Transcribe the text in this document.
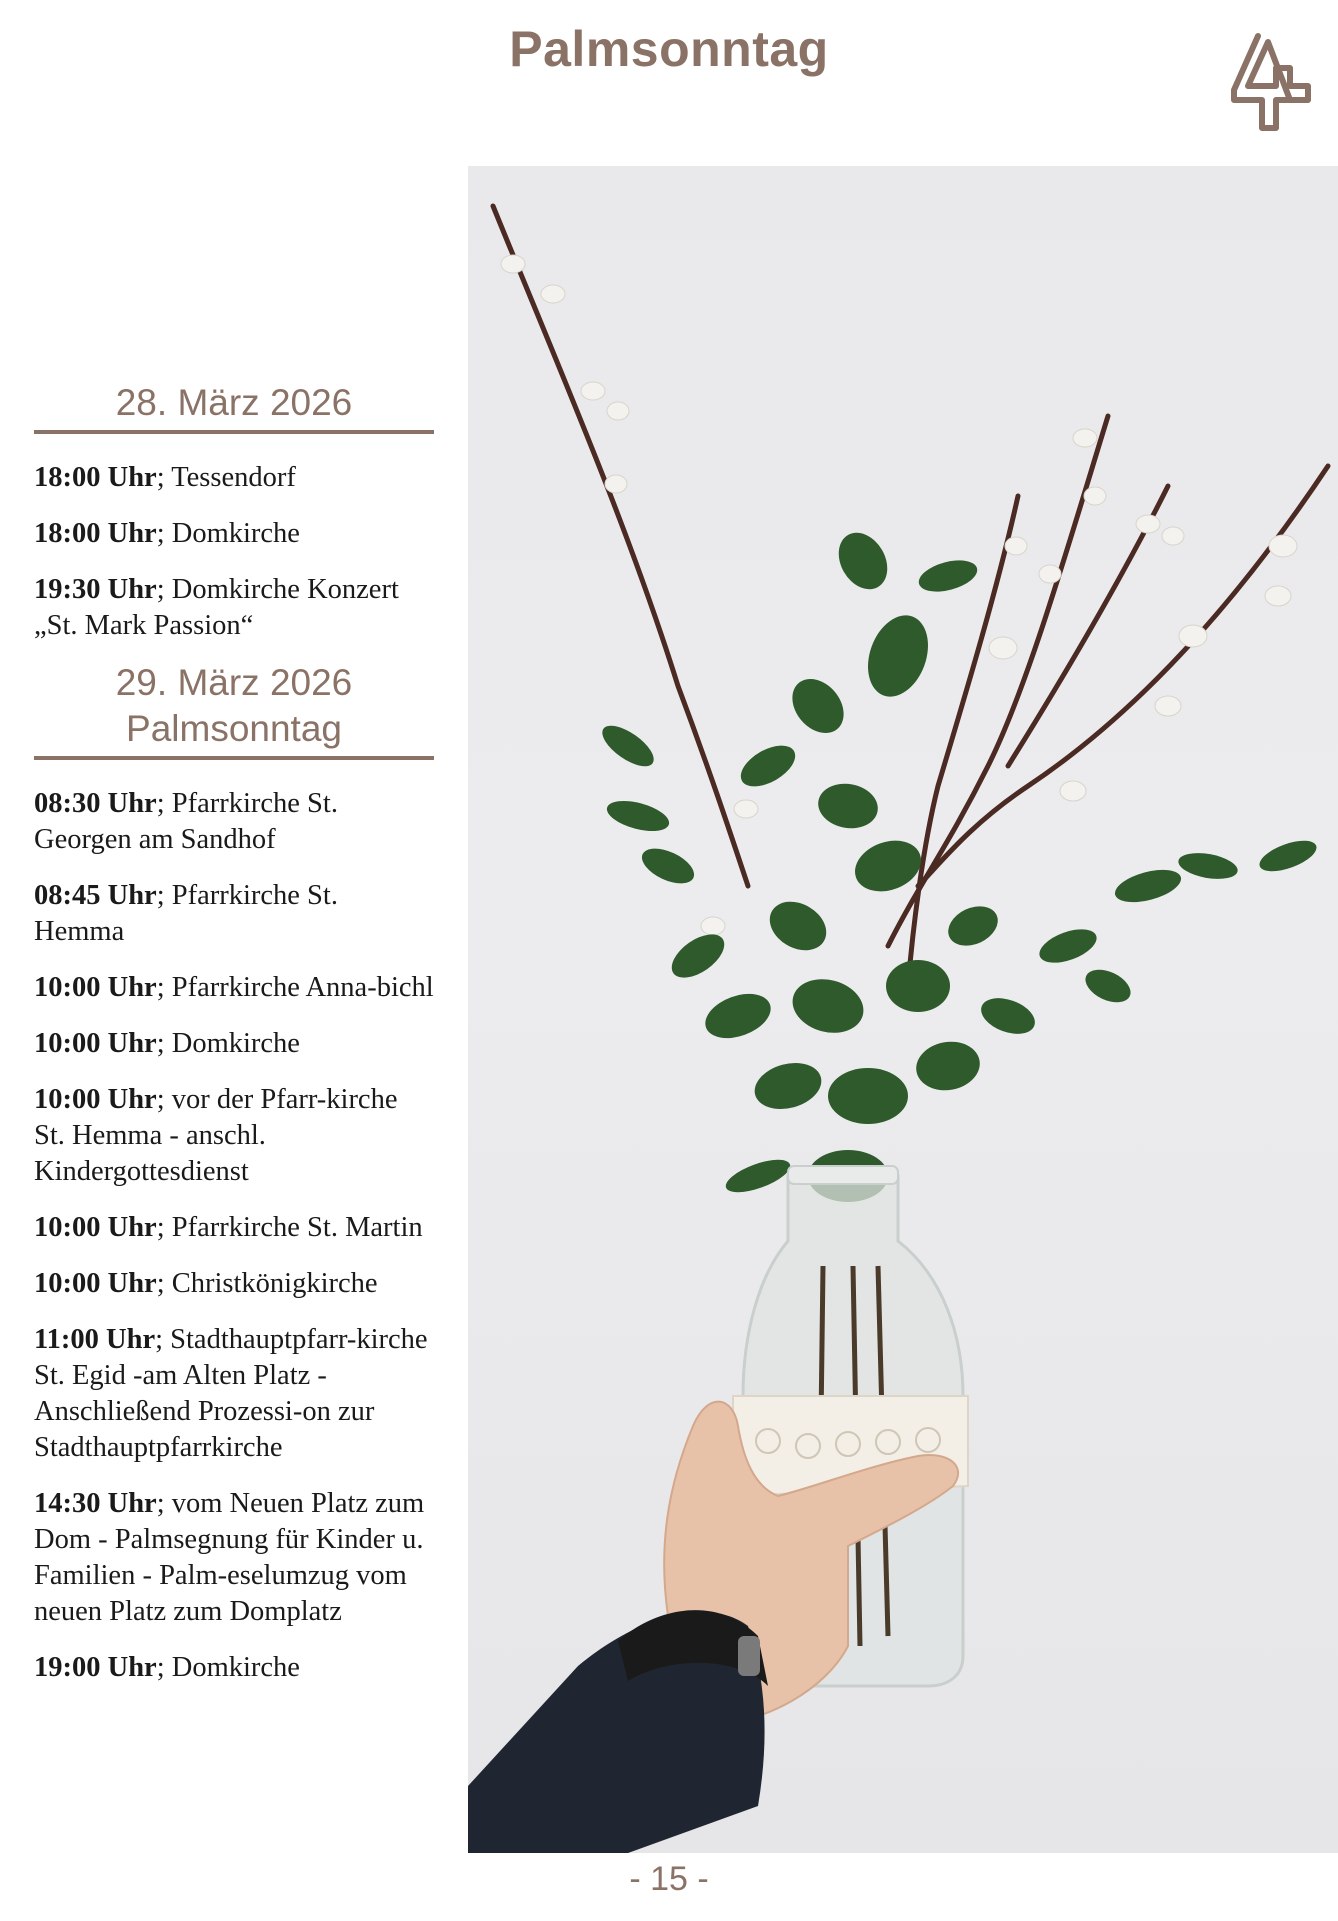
Palmsonntag
28. März 2026
18:00 Uhr; Tessendorf
18:00 Uhr; Domkirche
19:30 Uhr; Domkirche Konzert „St. Mark Passion“
29. März 2026
Palmsonntag
08:30 Uhr; Pfarrkirche St. Georgen am Sandhof
08:45 Uhr; Pfarrkirche St. Hemma
10:00 Uhr; Pfarrkirche Anna-bichl
10:00 Uhr; Domkirche
10:00 Uhr; vor der Pfarr-kirche St. Hemma - anschl. Kindergottesdienst
10:00 Uhr; Pfarrkirche St. Martin
10:00 Uhr; Christkönigkirche
11:00 Uhr; Stadthauptpfarr-kirche St. Egid -am Alten Platz - Anschließend Prozessi-on zur Stadthauptpfarrkirche
14:30 Uhr; vom Neuen Platz zum Dom - Palmsegnung für Kinder u. Familien - Palm-eselumzug vom neuen Platz zum Domplatz
19:00 Uhr; Domkirche
- 15 -
